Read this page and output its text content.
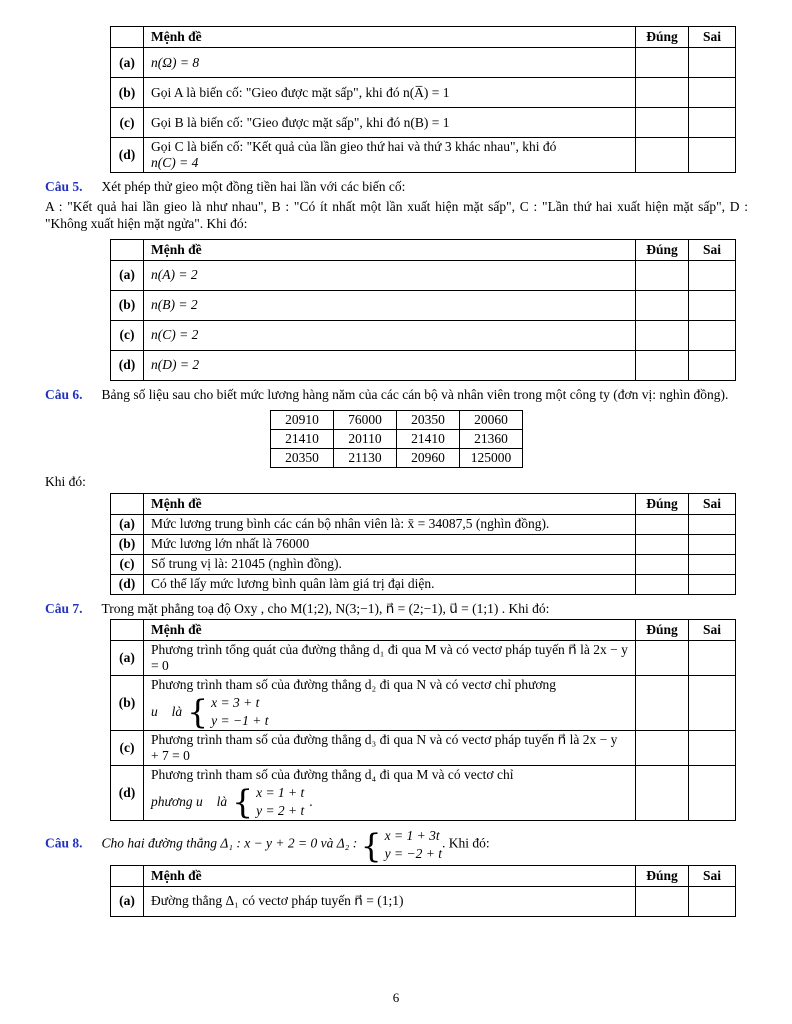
	Mệnh đề	Đúng	Sai
(a)	n(Ω) = 8		
(b)	Gọi A là biến cố: "Gieo được mặt sấp", khi đó n(A̅) = 1		
(c)	Gọi B là biến cố: "Gieo được mặt sấp", khi đó n(B) = 1		
(d)	Gọi C là biến cố: "Kết quả của lần gieo thứ hai và thứ 3 khác nhau", khi đó
n(C) = 4		

Câu 5. Xét phép thử gieo một đồng tiền hai lần với các biến cố:

A : "Kết quả hai lần gieo là như nhau", B : "Có ít nhất một lần xuất hiện mặt sấp", C : "Lần thứ hai xuất hiện mặt sấp", D : "Không xuất hiện mặt ngửa". Khi đó:

	Mệnh đề	Đúng	Sai
(a)	n(A) = 2		
(b)	n(B) = 2		
(c)	n(C) = 2		
(d)	n(D) = 2		

Câu 6. Bảng số liệu sau cho biết mức lương hàng năm của các cán bộ và nhân viên trong một công ty (đơn vị: nghìn đồng).

20910	76000	20350	20060
21410	20110	21410	21360
20350	21130	20960	125000

Khi đó:

	Mệnh đề	Đúng	Sai
(a)	Mức lương trung bình các cán bộ nhân viên là: x̄ = 34087,5 (nghìn đồng).		
(b)	Mức lương lớn nhất là 76000		
(c)	Số trung vị là: 21045 (nghìn đồng).		
(d)	Có thể lấy mức lương bình quân làm giá trị đại diện.		

Câu 7. Trong mặt phẳng toạ độ Oxy , cho M(1;2), N(3;−1), n⃗ = (2;−1), u⃗ = (1;1) . Khi đó:

	Mệnh đề	Đúng	Sai
(a)	Phương trình tổng quát của đường thẳng d₁ đi qua M và có vectơ pháp tuyến n⃗ là 2x − y = 0		
(b)	Phương trình tham số của đường thẳng d₂ đi qua N và có vectơ chỉ phương
u⃗ là
{
x = 3 + t
y = −1 + t

(c)	Phương trình tham số của đường thẳng d₃ đi qua N và có vectơ pháp tuyến n⃗ là 2x − y + 7 = 0		
(d)	Phương trình tham số của đường thẳng d₄ đi qua M và có vectơ chỉ
phương u⃗ là
{
x = 1 + t
y = 2 + t
.

Câu 8. Cho hai đường thẳng Δ₁ : x − y + 2 = 0 và Δ₂ :
{
x = 1 + 3t
y = −2 + t
. Khi đó:

	Mệnh đề	Đúng	Sai
(a)	Đường thẳng Δ₁ có vectơ pháp tuyến n⃗ = (1;1)		
6
